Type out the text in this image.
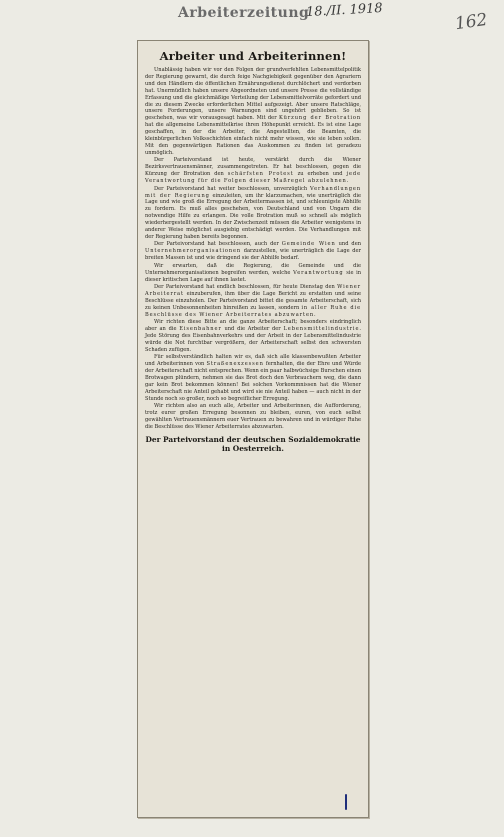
Arbeiterzeitung
18./II. 1918	162
Arbeiter und Arbeiterinnen!

Unablässig haben wir vor den Folgen der grundverfehlten Lebensmittelpolitik der Regierung gewarnt, die durch feige Nachgiebigkeit gegenüber den Agrariern und den Händlern die öffentlichen Ernährungsdienst durchlöchert und verdorben hat. Unermüdlich haben unsere Abgeordneten und unsere Presse die vollständige Erfassung und die gleichmäßige Verteilung der Lebensmittelvorräte gefordert und die zu diesem Zwecke erforderlichen Mittel aufgezeigt. Aber unsere Ratschläge, unsere Forderungen, unsere Warnungen sind ungehört geblieben. So ist geschehen, was wir vorausgesagt haben. Mit der Kürzung der Brotration hat die allgemeine Lebensmittelkrise ihren Höhepunkt erreicht. Es ist eine Lage geschaffen, in der die Arbeiter, die Angestellten, die Beamten, die kleinbürgerlichen Volksschichten einfach nicht mehr wissen, wie sie leben sollen. Mit den gegenwärtigen Rationen das Auskommen zu finden ist geradezu unmöglich.

Der Parteivorstand ist heute, verstärkt durch die Wiener Bezirksvertrauensmänner, zusammengetreten. Er hat beschlossen, gegen die Kürzung der Brotration den schärfsten Protest zu erheben und jede Verantwortung für die Folgen dieser Maßregel abzulehnen.

Der Parteivorstand hat weiter beschlossen, unverzüglich Verhandlungen mit der Regierung einzuleiten, um ihr klarzumachen, wie unerträglich die Lage und wie groß die Erregung der Arbeitermassen ist, und schleunigste Abhilfe zu fordern. Es muß alles geschehen, von Deutschland und von Ungarn die notwendige Hilfe zu erlangen. Die volle Brotration muß so schnell als möglich wiederhergestellt werden. In der Zwischenzeit müssen die Arbeiter wenigstens in anderer Weise möglichst ausgiebig entschädigt werden. Die Verhandlungen mit der Regierung haben bereits begonnen.

Der Parteivorstand hat beschlossen, auch der Gemeinde Wien und den Unternehmerorganisationen darzustellen, wie unerträglich die Lage der breiten Massen ist und wie dringend sie der Abhilfe bedarf.

Wir erwarten, daß die Regierung, die Gemeinde und die Unternehmerorganisationen begreifen werden, welche Verantwortung sie in dieser kritischen Lage auf ihnen lastet.

Der Parteivorstand hat endlich beschlossen, für heute Dienstag den Wiener Arbeiterrat einzuberufen, ihm über die Lage Bericht zu erstatten und seine Beschlüsse einzuholen. Der Parteivorstand bittet die gesamte Arbeiterschaft, sich zu keinen Unbesonnenheiten hinreißen zu lassen, sondern in aller Ruhe die Beschlüsse des Wiener Arbeiterrates abzuwarten.

Wir richten diese Bitte an die ganze Arbeiterschaft; besonders eindringlich aber an die Eisenbahner und die Arbeiter der Lebensmittelindustrie. Jede Störung des Eisenbahnverkehrs und der Arbeit in der Lebensmittelindustrie würde die Not furchtbar vergrößern, der Arbeiterschaft selbst den schwersten Schaden zufügen.

Für selbstverständlich halten wir es, daß sich alle klassenbewußten Arbeiter und Arbeiterinnen von Straßenexzessen fernhalten, die der Ehre und Würde der Arbeiterschaft nicht entsprechen. Wenn ein paar halbwüchsige Burschen einen Brotwagen plündern, nehmen sie das Brot doch den Verbrauchern weg, die dann gar kein Brot bekommen können! Bei solchen Vorkommnissen hat die Wiener Arbeiterschaft nie Anteil gehabt und wird sie nie Anteil haben — auch nicht in der Stunde noch so großer, noch so begreiflicher Erregung.

Wir richten also an euch alle, Arbeiter und Arbeiterinnen, die Aufforderung, trotz eurer großen Erregung besonnen zu bleiben, euren, von euch selbst gewählten Vertrauensmännern euer Vertrauen zu bewahren und in würdiger Ruhe die Beschlüsse des Wiener Arbeiterrates abzuwarten.

Der Parteivorstand der deutschen Sozialdemokratie
in Oesterreich.
